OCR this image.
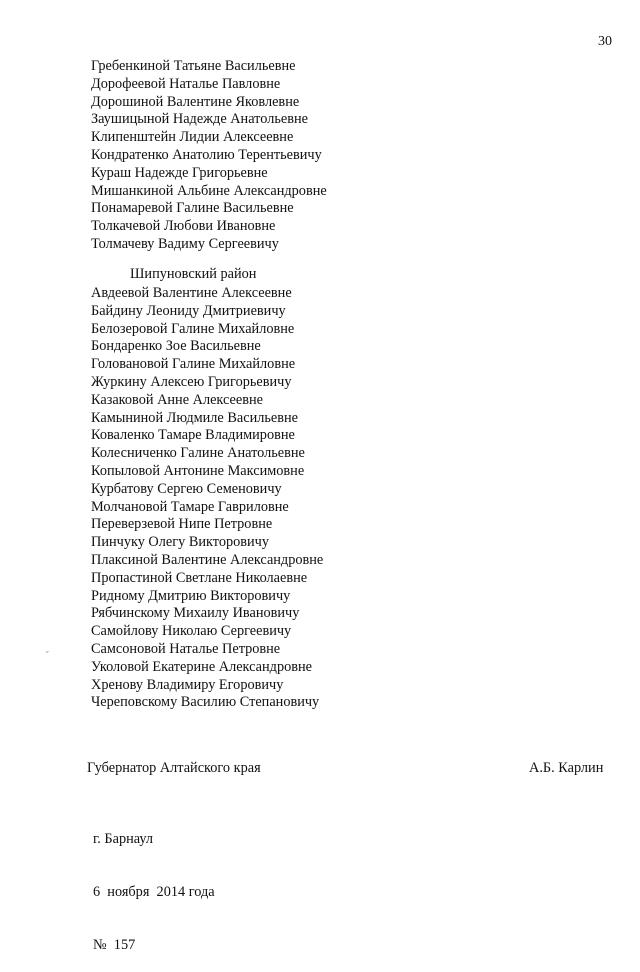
30
Гребенкиной Татьяне Васильевне
Дорофеевой Наталье Павловне
Дорошиной Валентине Яковлевне
Заушицыной Надежде Анатольевне
Клипенштейн Лидии Алексеевне
Кондратенко Анатолию Терентьевичу
Кураш Надежде Григорьевне
Мишанкиной Альбине Александровне
Понамаревой Галине Васильевне
Толкачевой Любови Ивановне
Толмачеву Вадиму Сергеевичу
Шипуновский район
Авдеевой Валентине Алексеевне
Байдину Леониду Дмитриевичу
Белозеровой Галине Михайловне
Бондаренко Зое Васильевне
Головановой Галине Михайловне
Журкину Алексею Григорьевичу
Казаковой Анне Алексеевне
Камыниной Людмиле Васильевне
Коваленко Тамаре Владимировне
Колесниченко Галине Анатольевне
Копыловой Антонине Максимовне
Курбатову Сергею Семеновичу
Молчановой Тамаре Гавриловне
Переверзевой Нипе Петровне
Пинчуку Олегу Викторовичу
Плаксиной Валентине Александровне
Пропастиной Светлане Николаевне
Ридному Дмитрию Викторовичу
Рябчинскому Михаилу Ивановичу
Самойлову Николаю Сергеевичу
Самсоновой Наталье Петровне
Уколовой Екатерине Александровне
Хренову Владимиру Егоровичу
Череповскому Василию Степановичу
ˇ
Губернатор Алтайского края	А.Б. Карлин

г. Барнаул

6  ноября  2014 года

№  157
